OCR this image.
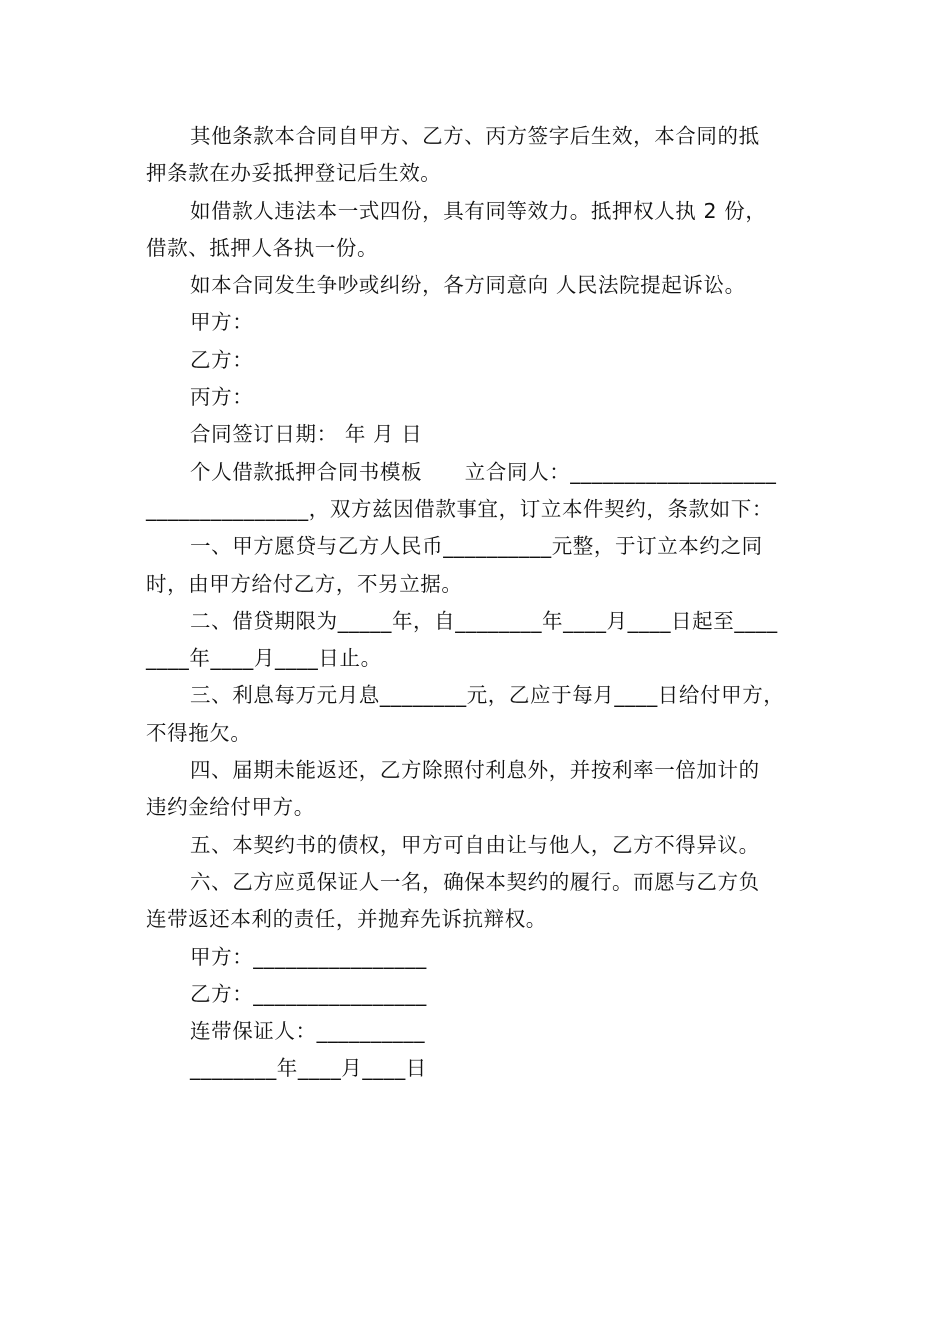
其他条款本合同自甲方、乙方、丙方签字后生效，本合同的抵
押条款在办妥抵押登记后生效。
如借款人违法本一式四份，具有同等效力。抵押权人执 2 份，
借款、抵押人各执一份。
如本合同发生争吵或纠纷，各方同意向 人民法院提起诉讼。
甲方：
乙方：
丙方：
合同签订日期： 年 月 日
个人借款抵押合同书模板      立合同人：___________________
_______________，双方兹因借款事宜，订立本件契约，条款如下：
一、甲方愿贷与乙方人民币__________元整，于订立本约之同
时，由甲方给付乙方，不另立据。
二、借贷期限为_____年，自________年____月____日起至____
____年____月____日止。
三、利息每万元月息________元，乙应于每月____日给付甲方，
不得拖欠。
四、届期未能返还，乙方除照付利息外，并按利率一倍加计的
违约金给付甲方。
五、本契约书的债权，甲方可自由让与他人，乙方不得异议。
六、乙方应觅保证人一名，确保本契约的履行。而愿与乙方负
连带返还本利的责任，并抛弃先诉抗辩权。
甲方：________________
乙方：________________
连带保证人：__________
________年____月____日
